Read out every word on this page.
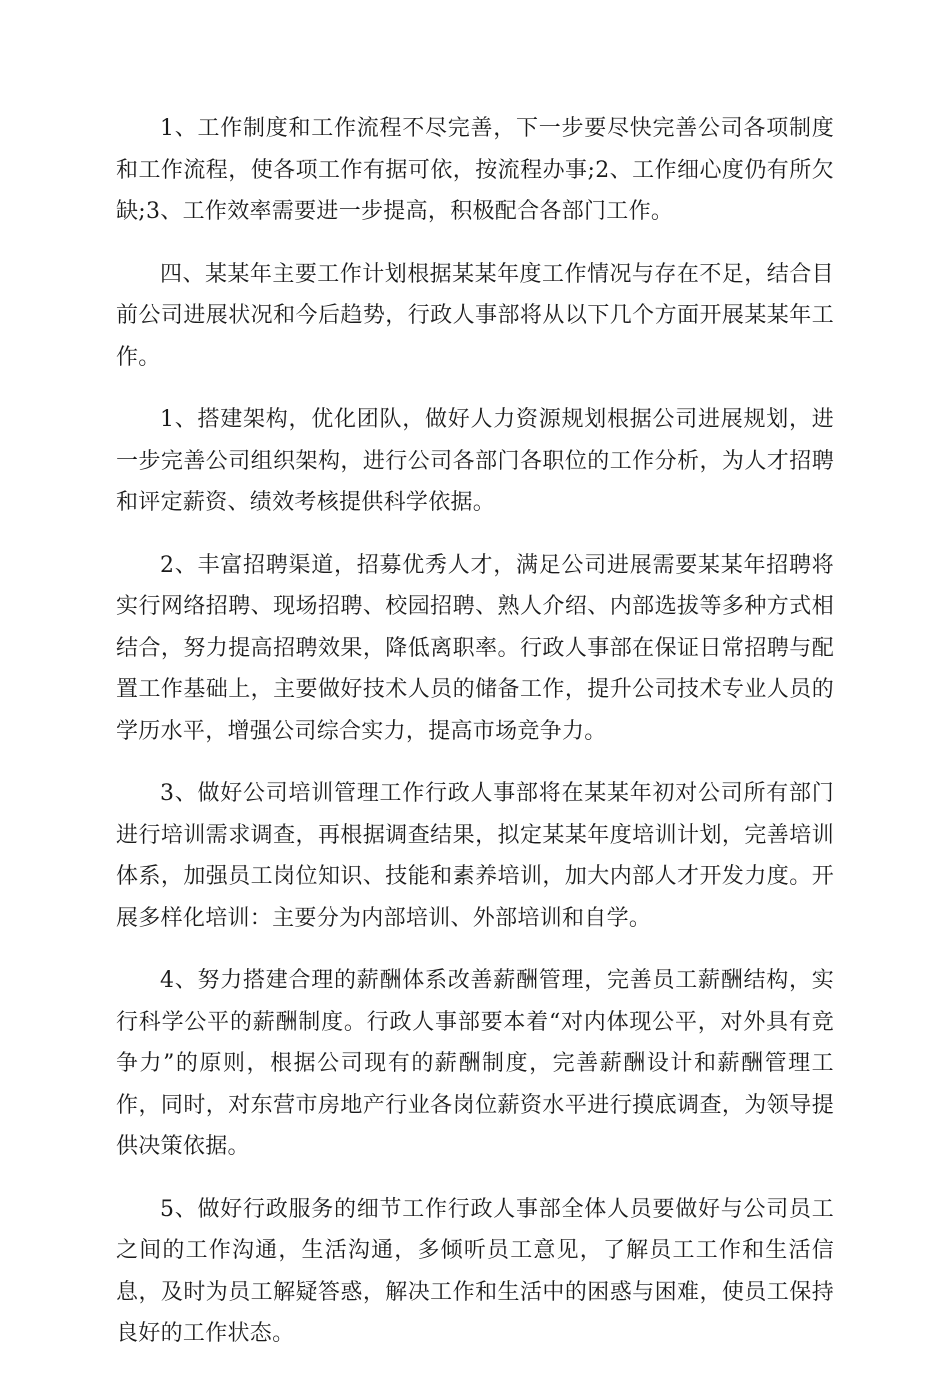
1、工作制度和工作流程不尽完善，下一步要尽快完善公司各项制度和工作流程，使各项工作有据可依，按流程办事;2、工作细心度仍有所欠缺;3、工作效率需要进一步提高，积极配合各部门工作。

四、某某年主要工作计划根据某某年度工作情况与存在不足，结合目前公司进展状况和今后趋势，行政人事部将从以下几个方面开展某某年工作。

1、搭建架构，优化团队，做好人力资源规划根据公司进展规划，进一步完善公司组织架构，进行公司各部门各职位的工作分析，为人才招聘和评定薪资、绩效考核提供科学依据。

2、丰富招聘渠道，招募优秀人才，满足公司进展需要某某年招聘将实行网络招聘、现场招聘、校园招聘、熟人介绍、内部选拔等多种方式相结合，努力提高招聘效果，降低离职率。行政人事部在保证日常招聘与配置工作基础上，主要做好技术人员的储备工作，提升公司技术专业人员的学历水平，增强公司综合实力，提高市场竞争力。

3、做好公司培训管理工作行政人事部将在某某年初对公司所有部门进行培训需求调查，再根据调查结果，拟定某某年度培训计划，完善培训体系，加强员工岗位知识、技能和素养培训，加大内部人才开发力度。开展多样化培训：主要分为内部培训、外部培训和自学。

4、努力搭建合理的薪酬体系改善薪酬管理，完善员工薪酬结构，实行科学公平的薪酬制度。行政人事部要本着“对内体现公平，对外具有竞争力”的原则，根据公司现有的薪酬制度，完善薪酬设计和薪酬管理工作，同时，对东营市房地产行业各岗位薪资水平进行摸底调查，为领导提供决策依据。

5、做好行政服务的细节工作行政人事部全体人员要做好与公司员工之间的工作沟通，生活沟通，多倾听员工意见，了解员工工作和生活信息，及时为员工解疑答惑，解决工作和生活中的困惑与困难，使员工保持良好的工作状态。
